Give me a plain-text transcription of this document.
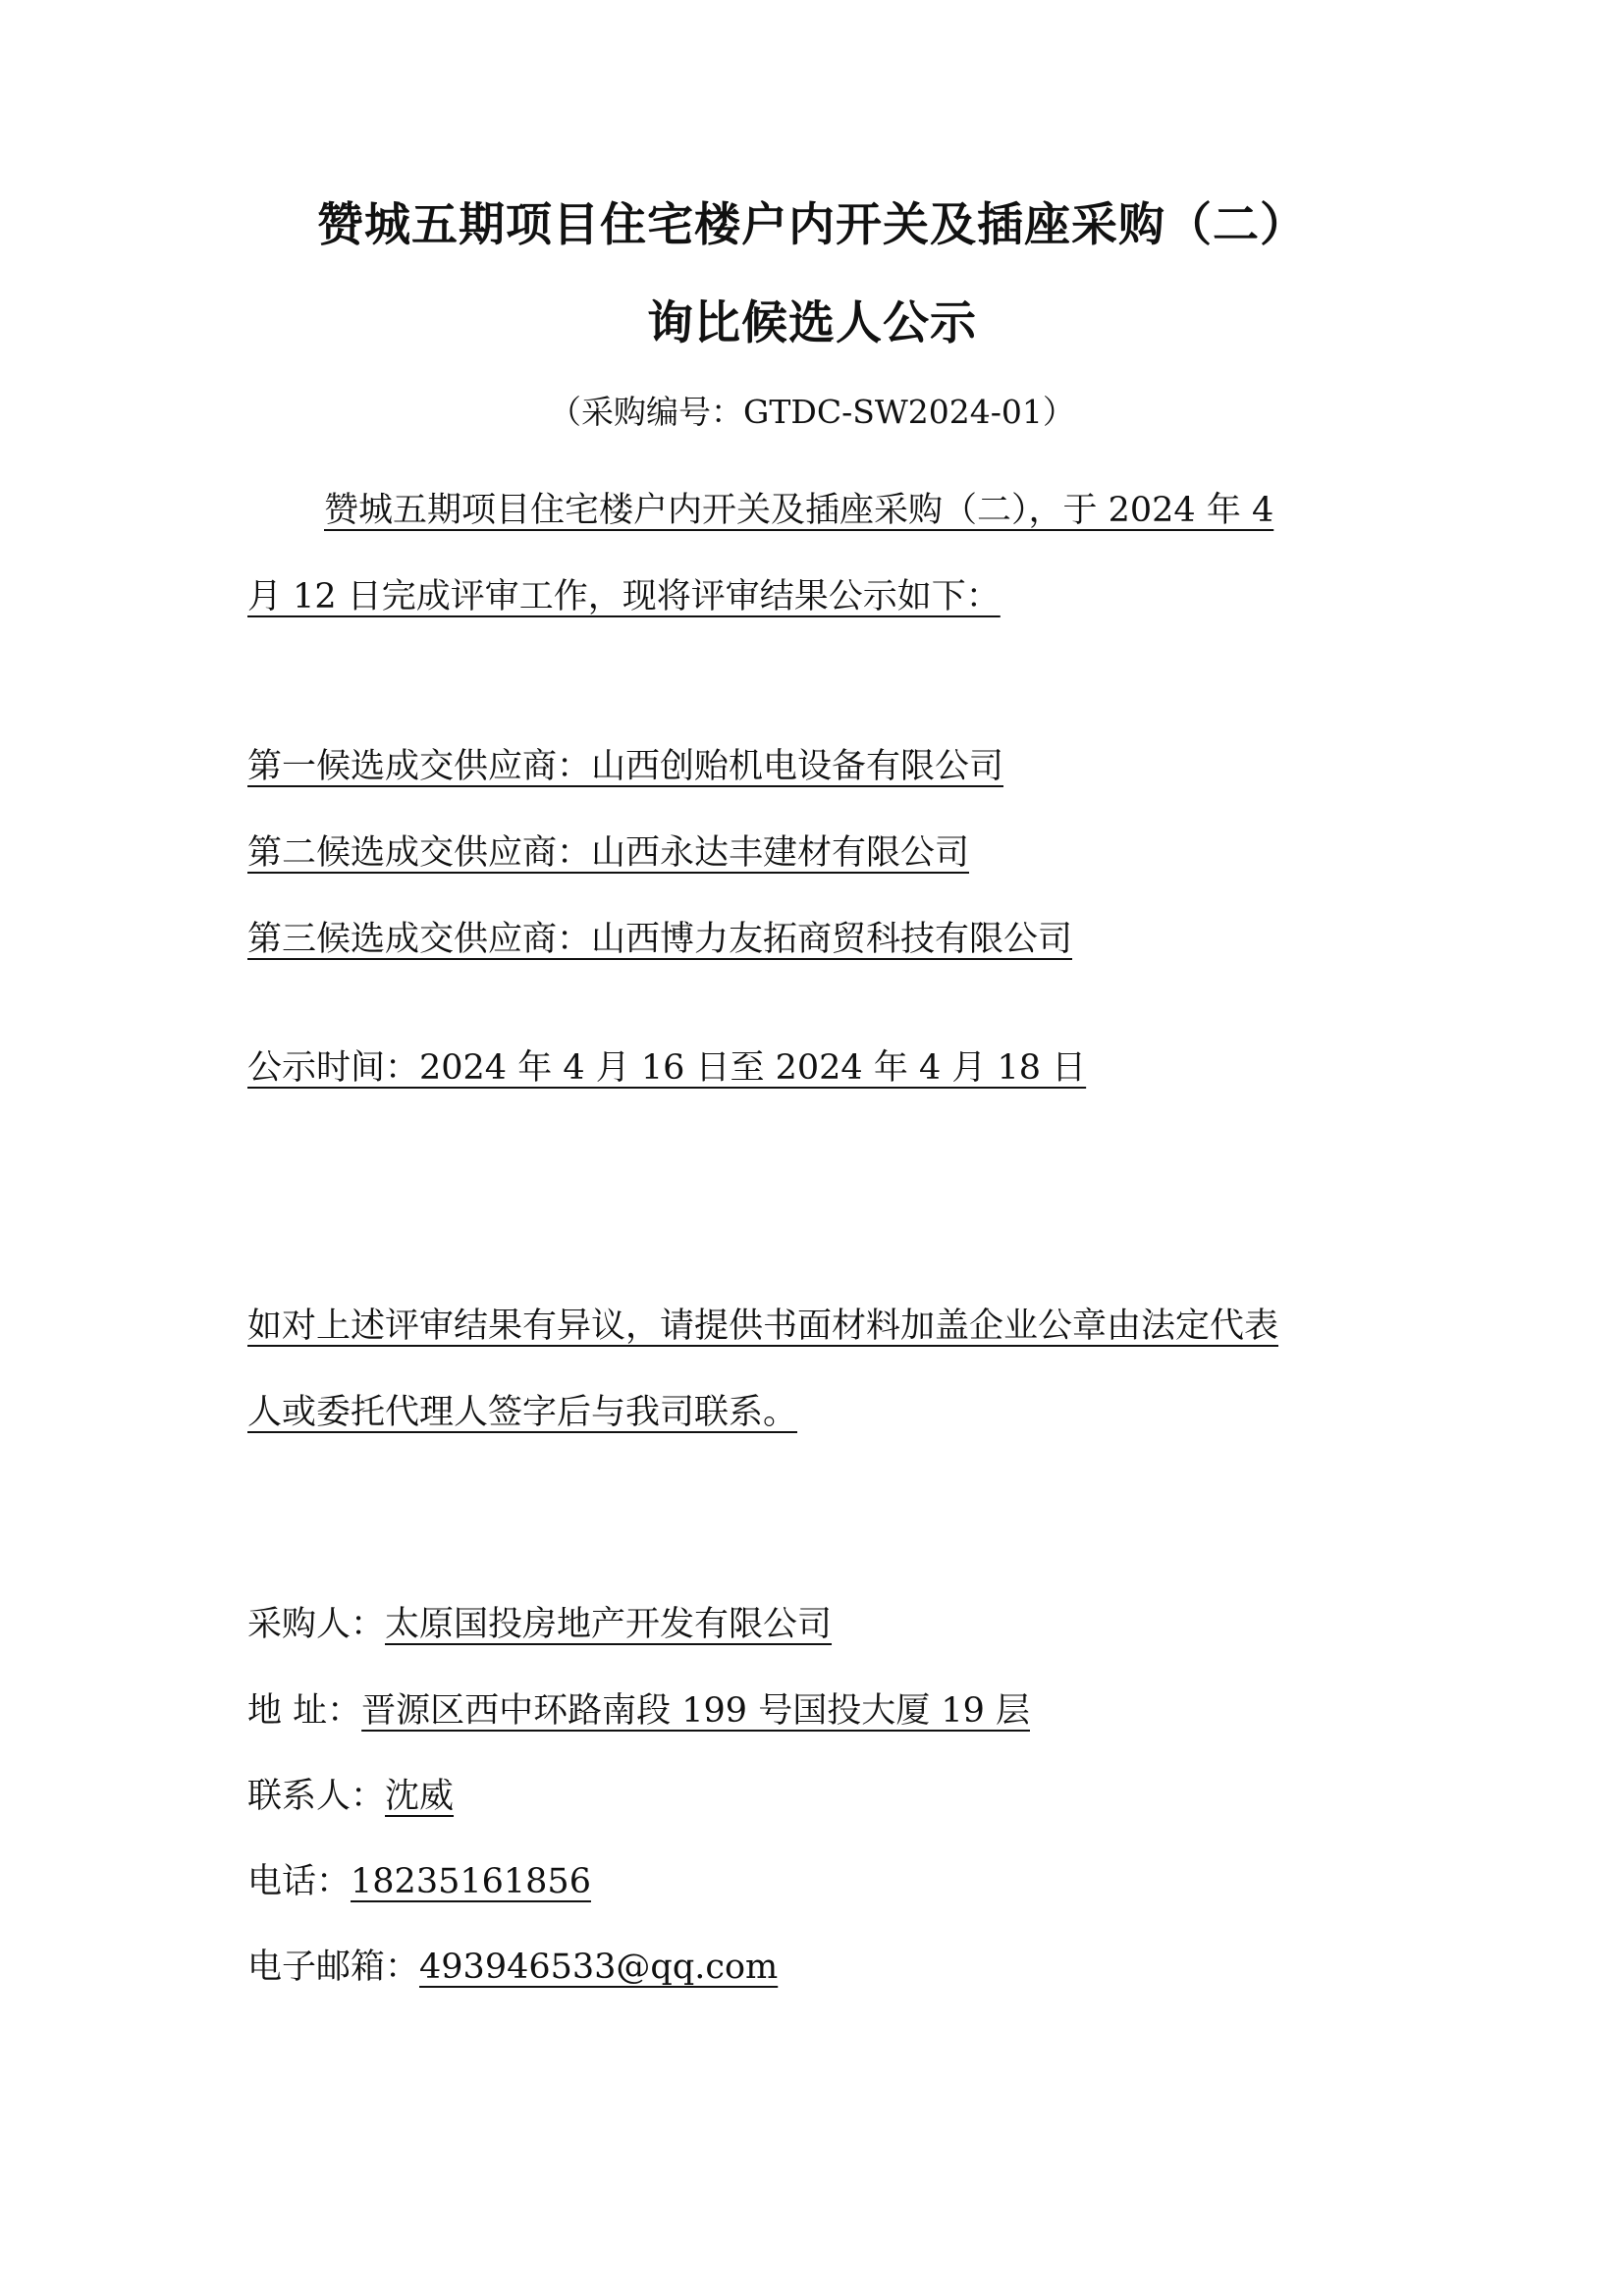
赞城五期项目住宅楼户内开关及插座采购（二）
询比候选人公示
（采购编号：GTDC-SW2024-01）
赞城五期项目住宅楼户内开关及插座采购（二），于 2024 年 4
月 12 日完成评审工作，现将评审结果公示如下：
第一候选成交供应商：山西创贻机电设备有限公司
第二候选成交供应商：山西永达丰建材有限公司
第三候选成交供应商：山西博力友拓商贸科技有限公司
公示时间：2024 年 4 月 16 日至 2024 年 4 月 18 日
如对上述评审结果有异议，请提供书面材料加盖企业公章由法定代表
人或委托代理人签字后与我司联系。
采购人：太原国投房地产开发有限公司
地 址：晋源区西中环路南段 199 号国投大厦 19 层
联系人：沈威
电话：18235161856
电子邮箱：493946533@qq.com
